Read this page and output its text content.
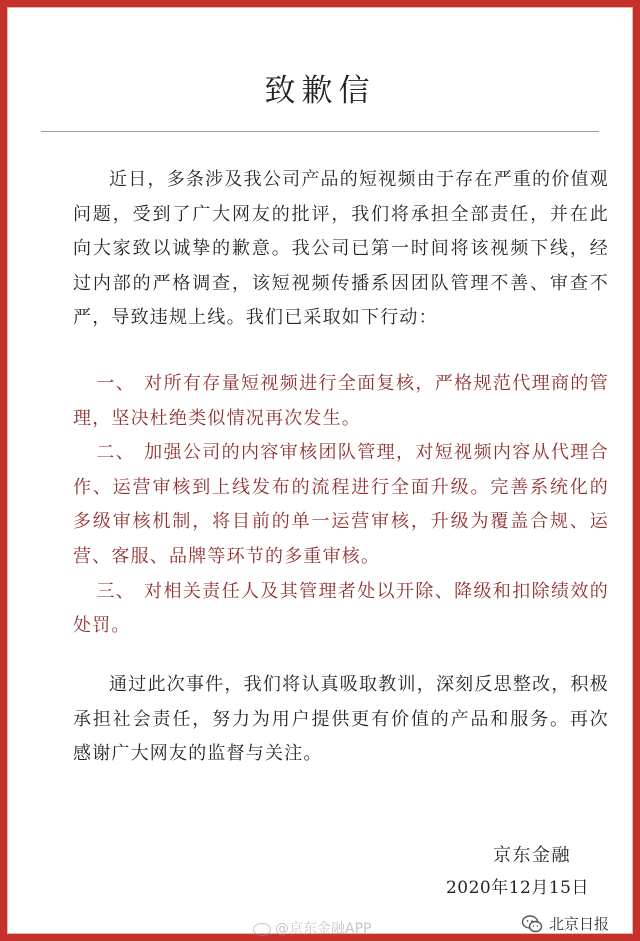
致歉信

近日，多条涉及我公司产品的短视频由于存在严重的价值观问题，受到了广大网友的批评，我们将承担全部责任，并在此向大家致以诚挚的歉意。我公司已第一时间将该视频下线，经过内部的严格调查，该短视频传播系因团队管理不善、审查不严，导致违规上线。我们已采取如下行动：

一、 对所有存量短视频进行全面复核，严格规范代理商的管理，坚决杜绝类似情况再次发生。

二、 加强公司的内容审核团队管理，对短视频内容从代理合作、运营审核到上线发布的流程进行全面升级。完善系统化的多级审核机制，将目前的单一运营审核，升级为覆盖合规、运营、客服、品牌等环节的多重审核。

三、 对相关责任人及其管理者处以开除、降级和扣除绩效的处罚。

通过此次事件，我们将认真吸取教训，深刻反思整改，积极承担社会责任，努力为用户提供更有价值的产品和服务。再次感谢广大网友的监督与关注。

京东金融
2020年12月15日
@京东金融APP	北京日报
